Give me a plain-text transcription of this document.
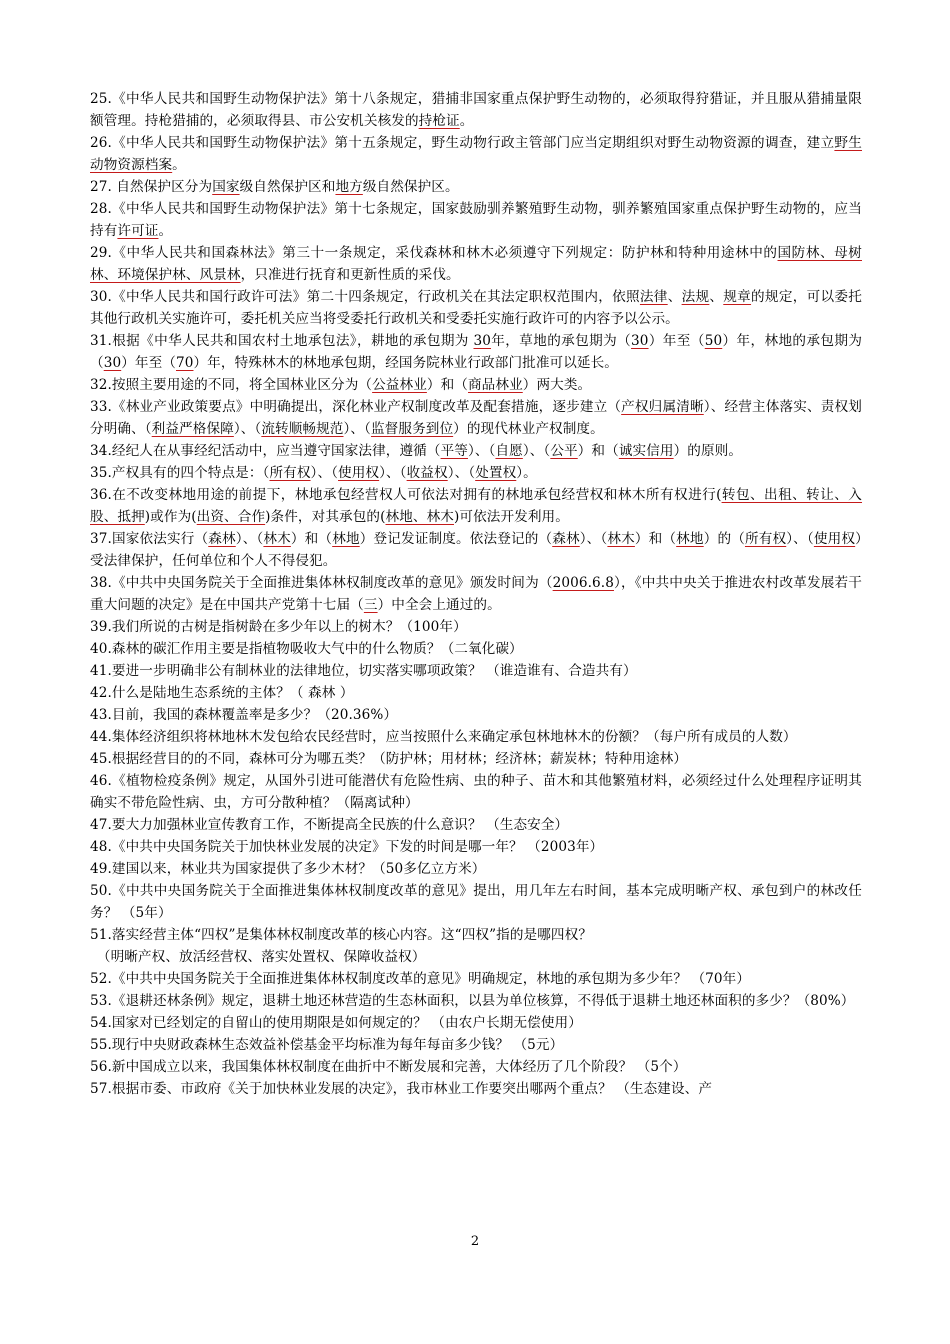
25.《中华人民共和国野生动物保护法》第十八条规定，猎捕非国家重点保护野生动物的，必须取得狩猎证，并且服从猎捕量限额管理。持枪猎捕的，必须取得县、市公安机关核发的持枪证。

26.《中华人民共和国野生动物保护法》第十五条规定，野生动物行政主管部门应当定期组织对野生动物资源的调查，建立野生动物资源档案。

27. 自然保护区分为国家级自然保护区和地方级自然保护区。

28.《中华人民共和国野生动物保护法》第十七条规定，国家鼓励驯养繁殖野生动物，驯养繁殖国家重点保护野生动物的，应当持有许可证。

29.《中华人民共和国森林法》第三十一条规定，采伐森林和林木必须遵守下列规定：防护林和特种用途林中的国防林、母树林、环境保护林、风景林，只准进行抚育和更新性质的采伐。

30.《中华人民共和国行政许可法》第二十四条规定，行政机关在其法定职权范围内，依照法律、法规、规章的规定，可以委托其他行政机关实施许可，委托机关应当将受委托行政机关和受委托实施行政许可的内容予以公示。

31.根据《中华人民共和国农村土地承包法》，耕地的承包期为 30年，草地的承包期为（30）年至（50）年，林地的承包期为（30）年至（70）年，特殊林木的林地承包期，经国务院林业行政部门批准可以延长。

32.按照主要用途的不同，将全国林业区分为（公益林业）和（商品林业）两大类。

33.《林业产业政策要点》中明确提出，深化林业产权制度改革及配套措施，逐步建立（产权归属清晰）、经营主体落实、责权划分明确、（利益严格保障）、（流转顺畅规范）、（监督服务到位）的现代林业产权制度。

34.经纪人在从事经纪活动中，应当遵守国家法律，遵循（平等）、（自愿）、（公平）和（诚实信用）的原则。

35.产权具有的四个特点是：（所有权）、（使用权）、（收益权）、（处置权）。

36.在不改变林地用途的前提下，林地承包经营权人可依法对拥有的林地承包经营权和林木所有权进行(转包、出租、转让、入股、抵押)或作为(出资、合作)条件，对其承包的(林地、林木)可依法开发利用。

37.国家依法实行（森林）、（林木）和（林地）登记发证制度。依法登记的（森林）、（林木）和（林地）的（所有权）、（使用权）受法律保护，任何单位和个人不得侵犯。

38.《中共中央国务院关于全面推进集体林权制度改革的意见》颁发时间为（2006.6.8），《中共中央关于推进农村改革发展若干重大问题的决定》是在中国共产党第十七届（三）中全会上通过的。

39.我们所说的古树是指树龄在多少年以上的树木？（100年）

40.森林的碳汇作用主要是指植物吸收大气中的什么物质？（二氧化碳）

41.要进一步明确非公有制林业的法律地位，切实落实哪项政策？ （谁造谁有、合造共有）

42.什么是陆地生态系统的主体？（ 森林 ）

43.目前，我国的森林覆盖率是多少？（20.36%）

44.集体经济组织将林地林木发包给农民经营时，应当按照什么来确定承包林地林木的份额？（每户所有成员的人数）

45.根据经营目的的不同，森林可分为哪五类？（防护林；用材林；经济林；薪炭林；特种用途林）

46.《植物检疫条例》规定，从国外引进可能潜伏有危险性病、虫的种子、苗木和其他繁殖材料，必须经过什么处理程序证明其确实不带危险性病、虫，方可分散种植？（隔离试种）

47.要大力加强林业宣传教育工作，不断提高全民族的什么意识？ （生态安全）

48.《中共中央国务院关于加快林业发展的决定》下发的时间是哪一年？ （2003年）

49.建国以来，林业共为国家提供了多少木材？（50多亿立方米）

50.《中共中央国务院关于全面推进集体林权制度改革的意见》提出，用几年左右时间，基本完成明晰产权、承包到户的林改任务？ （5年）

51.落实经营主体“四权”是集体林权制度改革的核心内容。这“四权”指的是哪四权？
　（明晰产权、放活经营权、落实处置权、保障收益权）

52.《中共中央国务院关于全面推进集体林权制度改革的意见》明确规定，林地的承包期为多少年？ （70年）

53.《退耕还林条例》规定，退耕土地还林营造的生态林面积，以县为单位核算，不得低于退耕土地还林面积的多少？（80%）

54.国家对已经划定的自留山的使用期限是如何规定的？ （由农户长期无偿使用）

55.现行中央财政森林生态效益补偿基金平均标准为每年每亩多少钱？ （5元）

56.新中国成立以来，我国集体林权制度在曲折中不断发展和完善，大体经历了几个阶段？ （5个）

57.根据市委、市政府《关于加快林业发展的决定》，我市林业工作要突出哪两个重点？ （生态建设、产

2
